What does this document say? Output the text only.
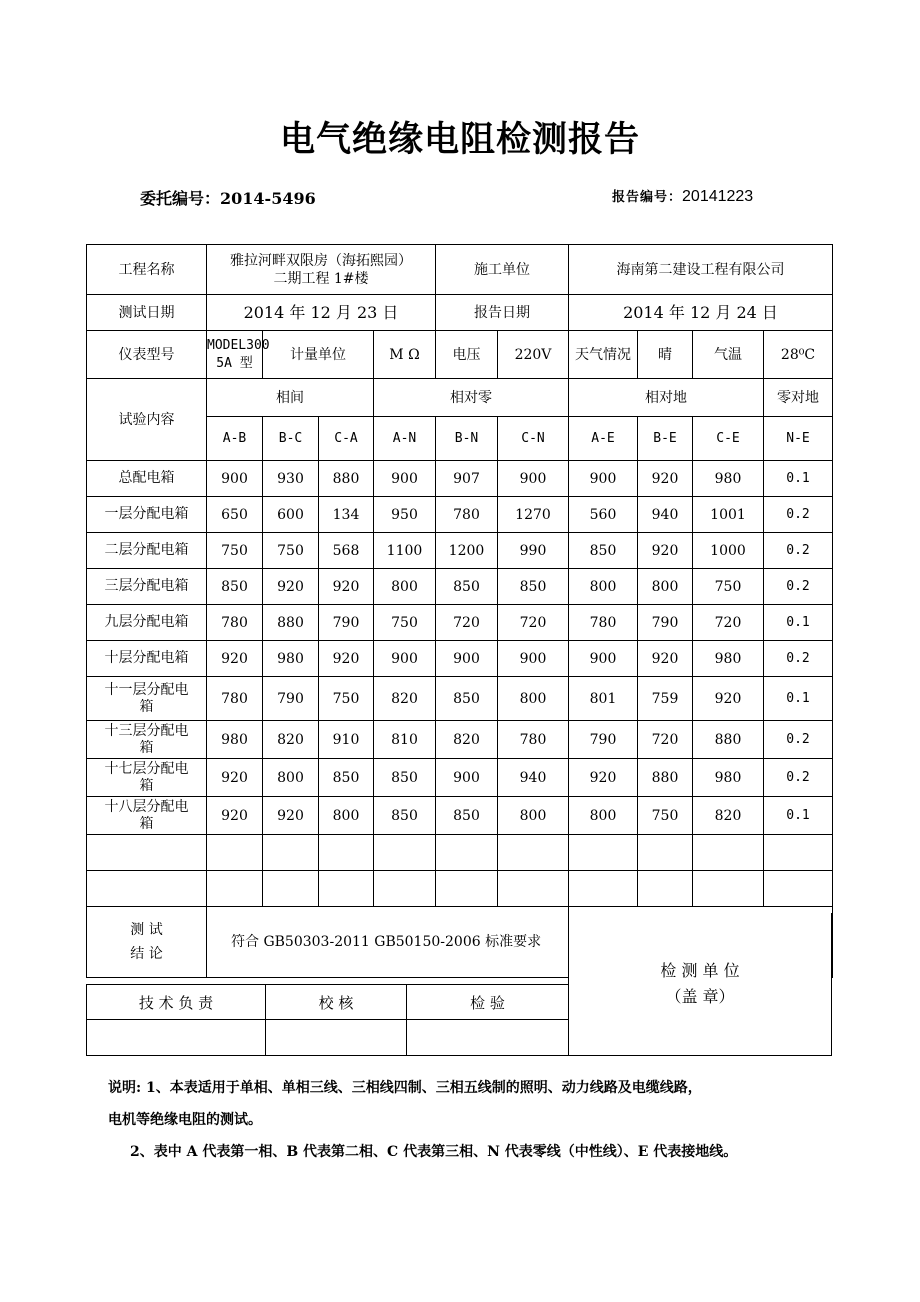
电气绝缘电阻检测报告
委托编号：2014-5496	报告编号：20141223
工程名称	雅拉河畔双限房（海拓熙园）
二期工程 1#楼				施工单位		海南第二建设工程有限公司			
测试日期	2014 年 12 月 23 日				报告日期		2014 年 12 月 24 日			
仪表型号	MODEL300
5A 型	计量单位		M Ω	电压	220V	天气情况	晴	气温	28⁰C
试验内容	相间			相对零			相对地			零对地
	A-B	B-C	C-A	A-N	B-N	C-N	A-E	B-E	C-E	N-E

总配电箱	900	930	880	900	907	900	900	920	980	0.1

一层分配电箱	650	600	134	950	780	1270	560	940	1001	0.2

二层分配电箱	750	750	568	1100	1200	990	850	920	1000	0.2

三层分配电箱	850	920	920	800	850	850	800	800	750	0.2

九层分配电箱	780	880	790	750	720	720	780	790	720	0.1

十层分配电箱	920	980	920	900	900	900	900	920	980	0.2

十一层分配电
箱	780	790	750	820	850	800	801	759	920	0.1

十三层分配电
箱	980	820	910	810	820	780	790	720	880	0.2

十七层分配电
箱	920	800	850	850	900	940	920	880	980	0.2

十八层分配电
箱	920	920	800	850	850	800	800	750	820	0.1

测 试
结 论	符合 GB50303-2011 GB50150-2006 标准要求									
技 术 负 责	校 核	检 验

检 测 单 位
（盖 章）
说明: 1、本表适用于单相、单相三线、三相线四制、三相五线制的照明、动力线路及电缆线路，
电机等绝缘电阻的测试。
2、表中 A 代表第一相、B 代表第二相、C 代表第三相、N 代表零线（中性线）、E 代表接地线。
